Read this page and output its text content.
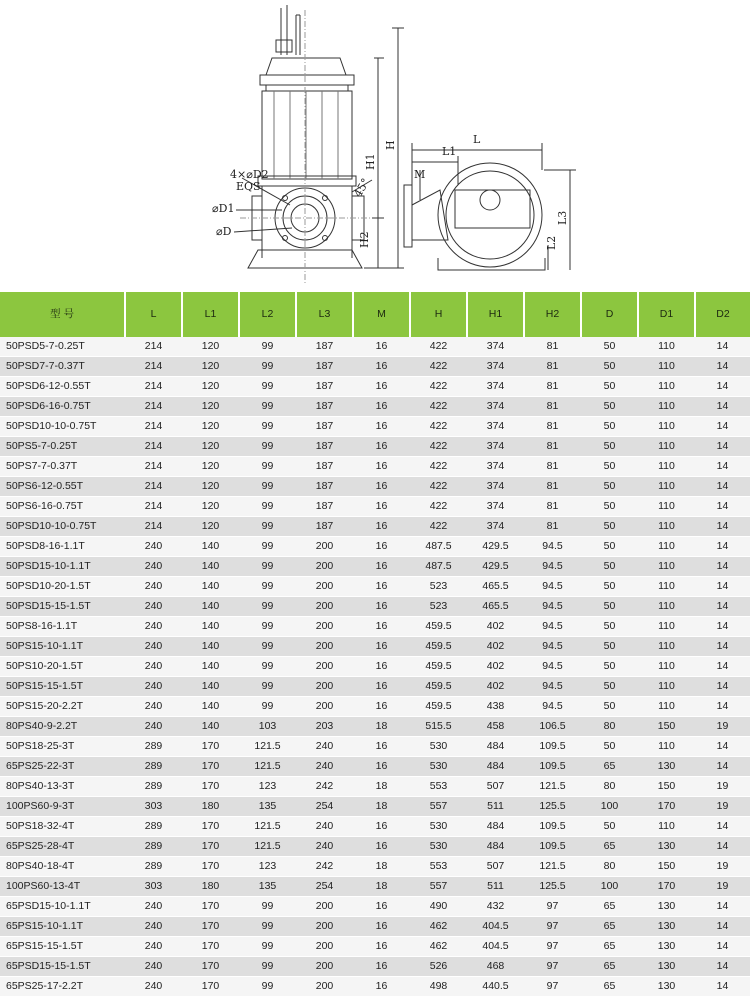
4×⌀D2
EQS
⌀D1
⌀D
45°
H1
H
H2
L
L1
M
L2
L3
型 号	L	L1	L2	L3	M	H	H1	H2	D	D1	D2
50PSD5-7-0.25T	214	120	99	187	16	422	374	81	50	110	14
50PSD7-7-0.37T	214	120	99	187	16	422	374	81	50	110	14
50PSD6-12-0.55T	214	120	99	187	16	422	374	81	50	110	14
50PSD6-16-0.75T	214	120	99	187	16	422	374	81	50	110	14
50PSD10-10-0.75T	214	120	99	187	16	422	374	81	50	110	14
50PS5-7-0.25T	214	120	99	187	16	422	374	81	50	110	14
50PS7-7-0.37T	214	120	99	187	16	422	374	81	50	110	14
50PS6-12-0.55T	214	120	99	187	16	422	374	81	50	110	14
50PS6-16-0.75T	214	120	99	187	16	422	374	81	50	110	14
50PSD10-10-0.75T	214	120	99	187	16	422	374	81	50	110	14
50PSD8-16-1.1T	240	140	99	200	16	487.5	429.5	94.5	50	110	14
50PSD15-10-1.1T	240	140	99	200	16	487.5	429.5	94.5	50	110	14
50PSD10-20-1.5T	240	140	99	200	16	523	465.5	94.5	50	110	14
50PSD15-15-1.5T	240	140	99	200	16	523	465.5	94.5	50	110	14
50PS8-16-1.1T	240	140	99	200	16	459.5	402	94.5	50	110	14
50PS15-10-1.1T	240	140	99	200	16	459.5	402	94.5	50	110	14
50PS10-20-1.5T	240	140	99	200	16	459.5	402	94.5	50	110	14
50PS15-15-1.5T	240	140	99	200	16	459.5	402	94.5	50	110	14
50PS15-20-2.2T	240	140	99	200	16	459.5	438	94.5	50	110	14
80PS40-9-2.2T	240	140	103	203	18	515.5	458	106.5	80	150	19
50PS18-25-3T	289	170	121.5	240	16	530	484	109.5	50	110	14
65PS25-22-3T	289	170	121.5	240	16	530	484	109.5	65	130	14
80PS40-13-3T	289	170	123	242	18	553	507	121.5	80	150	19
100PS60-9-3T	303	180	135	254	18	557	511	125.5	100	170	19
50PS18-32-4T	289	170	121.5	240	16	530	484	109.5	50	110	14
65PS25-28-4T	289	170	121.5	240	16	530	484	109.5	65	130	14
80PS40-18-4T	289	170	123	242	18	553	507	121.5	80	150	19
100PS60-13-4T	303	180	135	254	18	557	511	125.5	100	170	19
65PSD15-10-1.1T	240	170	99	200	16	490	432	97	65	130	14
65PS15-10-1.1T	240	170	99	200	16	462	404.5	97	65	130	14
65PS15-15-1.5T	240	170	99	200	16	462	404.5	97	65	130	14
65PSD15-15-1.5T	240	170	99	200	16	526	468	97	65	130	14
65PS25-17-2.2T	240	170	99	200	16	498	440.5	97	65	130	14
